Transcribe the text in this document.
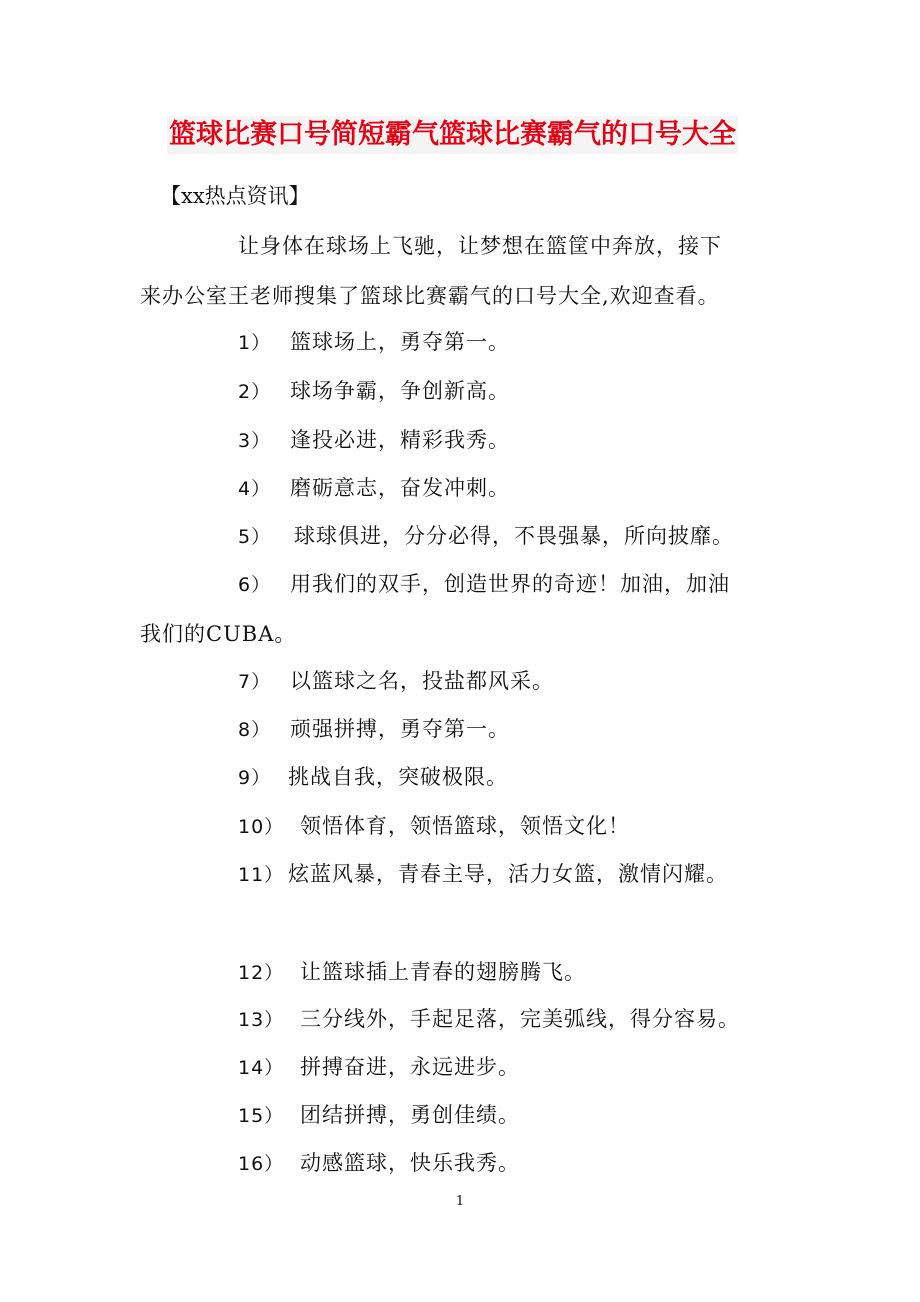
篮球比赛口号简短霸气篮球比赛霸气的口号大全
【xx热点资讯】
让身体在球场上飞驰，让梦想在篮筐中奔放，接下
来办公室王老师搜集了篮球比赛霸气的口号大全,欢迎查看。
1） 篮球场上，勇夺第一。
2） 球场争霸，争创新高。
3） 逢投必进，精彩我秀。
4） 磨砺意志，奋发冲刺。
5） 球球俱进，分分必得，不畏强暴，所向披靡。
6） 用我们的双手，创造世界的奇迹！加油，加油
我们的CUBA。
7） 以篮球之名，投盐都风采。
8） 顽强拼搏，勇夺第一。
9） 挑战自我，突破极限。
10） 领悟体育，领悟篮球，领悟文化！
11） 炫蓝风暴，青春主导，活力女篮，激情闪耀。
12） 让篮球插上青春的翅膀腾飞。
13） 三分线外，手起足落，完美弧线，得分容易。
14） 拼搏奋进，永远进步。
15） 团结拼搏，勇创佳绩。
16） 动感篮球，快乐我秀。
1
